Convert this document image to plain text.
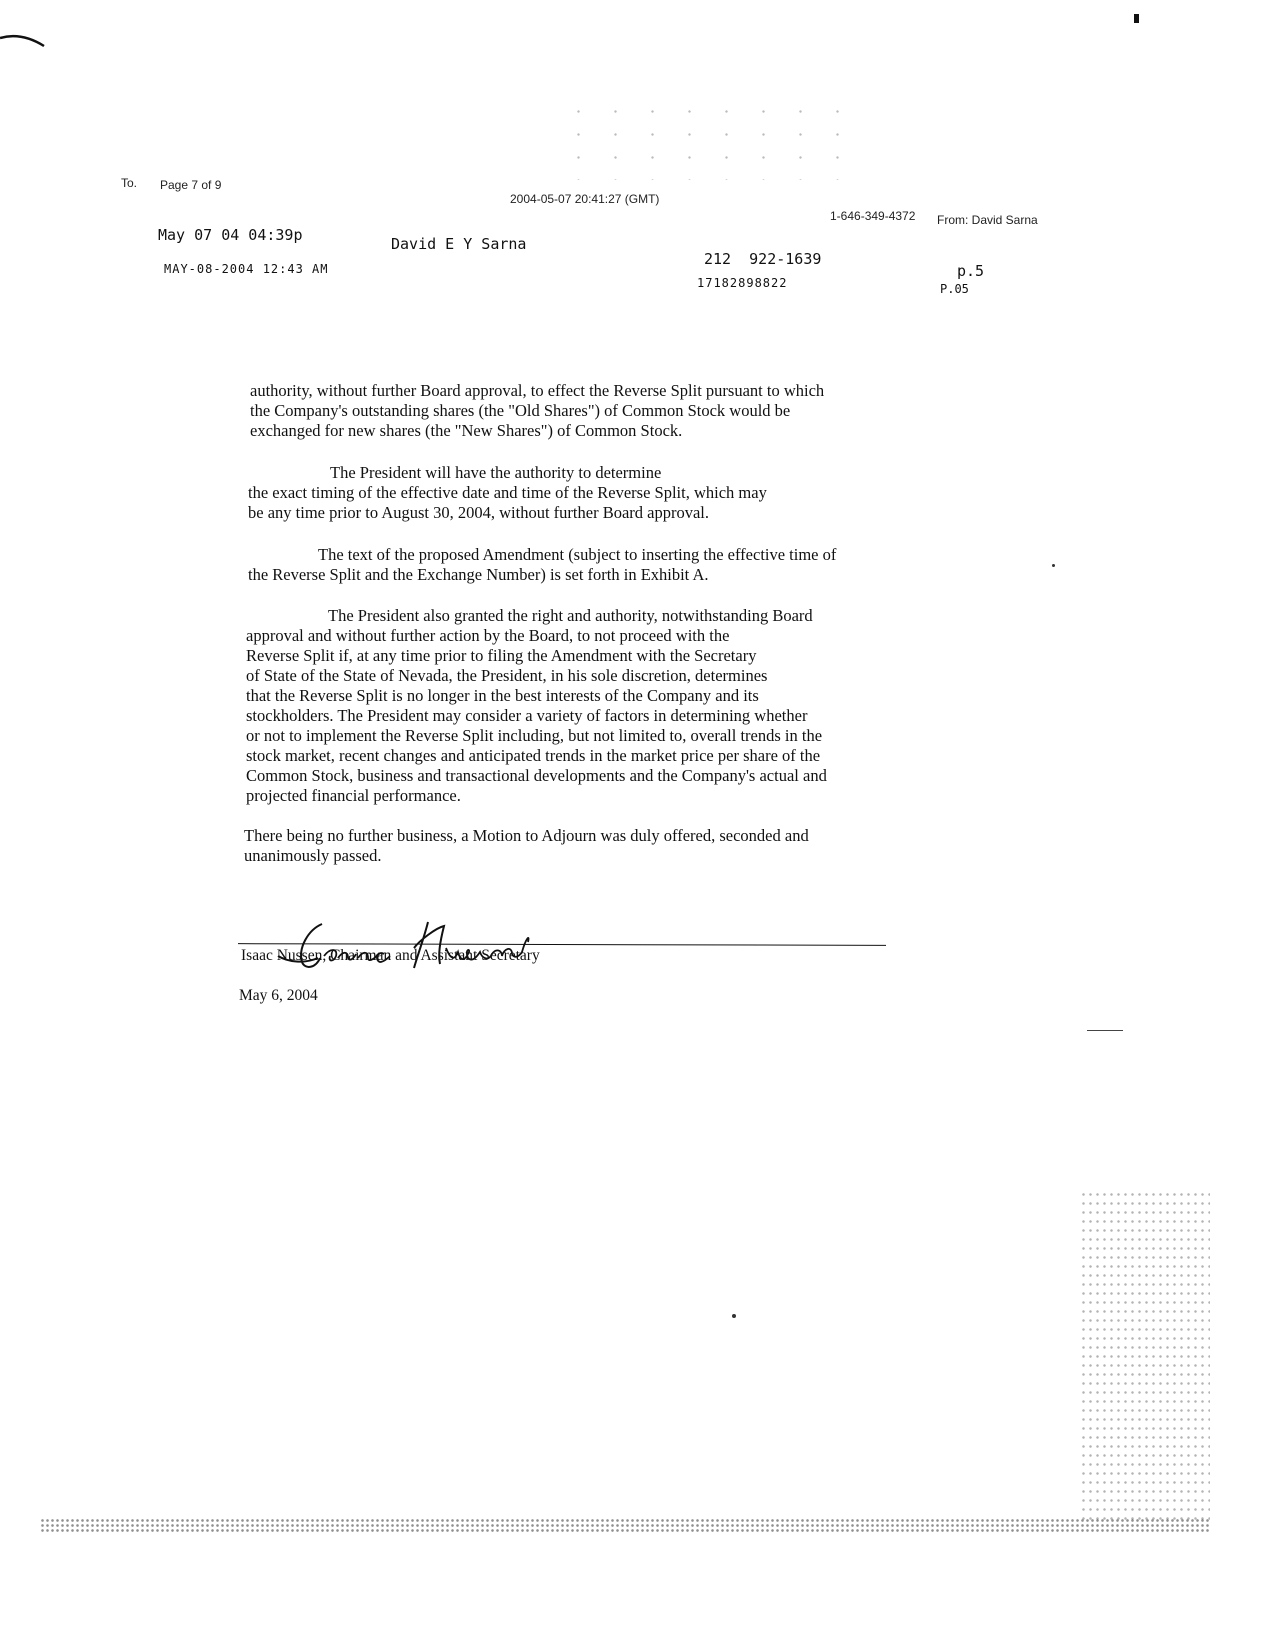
To. Page 7 of 9
2004-05-07 20:41:27 (GMT)
1-646-349-4372 From: David Sarna
May 07 04 04:39p	David E Y Sarna
212  922-1639
p.5
MAY-08-2004 12:43 AM
17182898822	P.05
authority, without further Board approval, to effect the Reverse Split pursuant to which
the Company's outstanding shares (the "Old Shares") of Common Stock would be
exchanged for new shares (the "New Shares") of Common Stock.
The President will have the authority to determine
the exact timing of the effective date and time of the Reverse Split, which may
be any time prior to August 30, 2004, without further Board approval.
The text of the proposed Amendment (subject to inserting the effective time of
the Reverse Split and the Exchange Number) is set forth in Exhibit A.
The President also granted the right and authority, notwithstanding Board
approval and without further action by the Board, to not proceed with the
Reverse Split if, at any time prior to filing the Amendment with the Secretary
of State of the State of Nevada, the President, in his sole discretion, determines
that the Reverse Split is no longer in the best interests of the Company and its
stockholders. The President may consider a variety of factors in determining whether
or not to implement the Reverse Split including, but not limited to, overall trends in the
stock market, recent changes and anticipated trends in the market price per share of the
Common Stock, business and transactional developments and the Company's actual and
projected financial performance.
There being no further business, a Motion to Adjourn was duly offered, seconded and
unanimously passed.
Isaac Nussen, Chairman and Assistant Secretary
May 6, 2004
